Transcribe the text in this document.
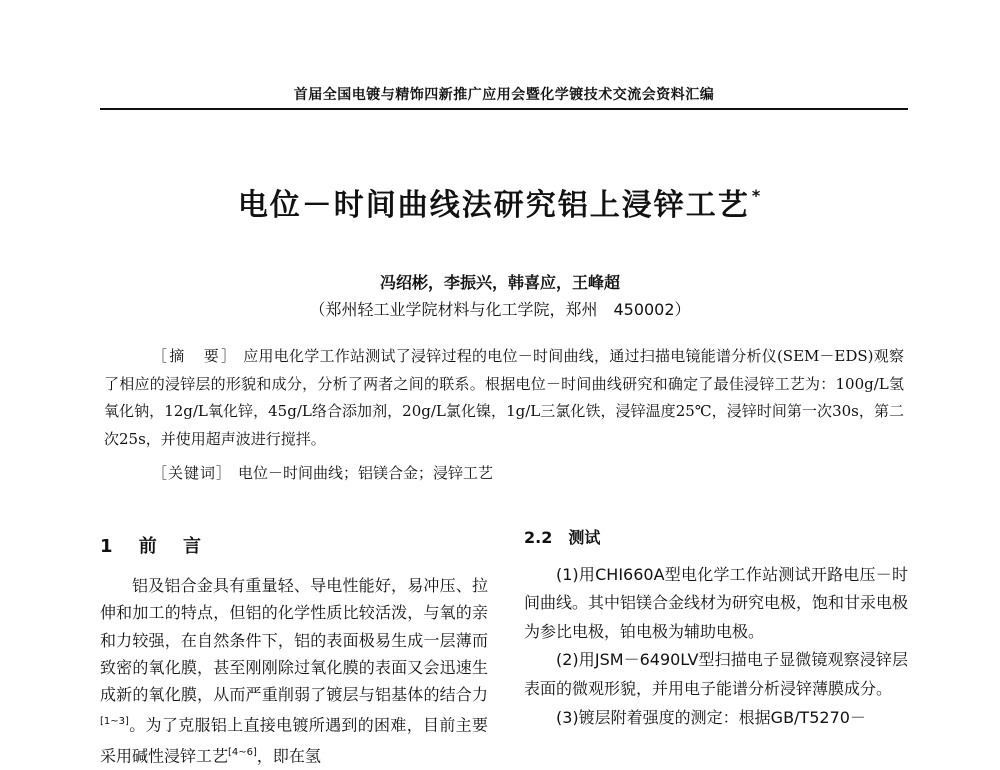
首届全国电镀与精饰四新推广应用会暨化学镀技术交流会资料汇编
电位－时间曲线法研究铝上浸锌工艺 *
冯绍彬，李振兴，韩喜应，王峰超
（郑州轻工业学院材料与化工学院，郑州　450002）

［摘　要］ 应用电化学工作站测试了浸锌过程的电位－时间曲线，通过扫描电镜能谱分析仪(SEM－EDS)观察了相应的浸锌层的形貌和成分，分析了两者之间的联系。根据电位－时间曲线研究和确定了最佳浸锌工艺为：100g/L氢氧化钠，12g/L氧化锌，45g/L络合添加剂，20g/L氯化镍，1g/L三氯化铁，浸锌温度25℃，浸锌时间第一次30s，第二次25s，并使用超声波进行搅拌。

［关键词］ 电位－时间曲线；铝镁合金；浸锌工艺
1 前 言

铝及铝合金具有重量轻、导电性能好，易冲压、拉伸和加工的特点，但铝的化学性质比较活泼，与氧的亲和力较强，在自然条件下，铝的表面极易生成一层薄而致密的氧化膜，甚至刚刚除过氧化膜的表面又会迅速生成新的氧化膜，从而严重削弱了镀层与铝基体的结合力[1~3]。为了克服铝上直接电镀所遇到的困难，目前主要采用碱性浸锌工艺[4~6]，即在氢

2.2　测试

(1)用CHI660A型电化学工作站测试开路电压－时间曲线。其中铝镁合金线材为研究电极，饱和甘汞电极为参比电极，铂电极为辅助电极。

(2)用JSM－6490LV型扫描电子显微镜观察浸锌层表面的微观形貌，并用电子能谱分析浸锌薄膜成分。

(3)镀层附着强度的测定：根据GB/T5270－
